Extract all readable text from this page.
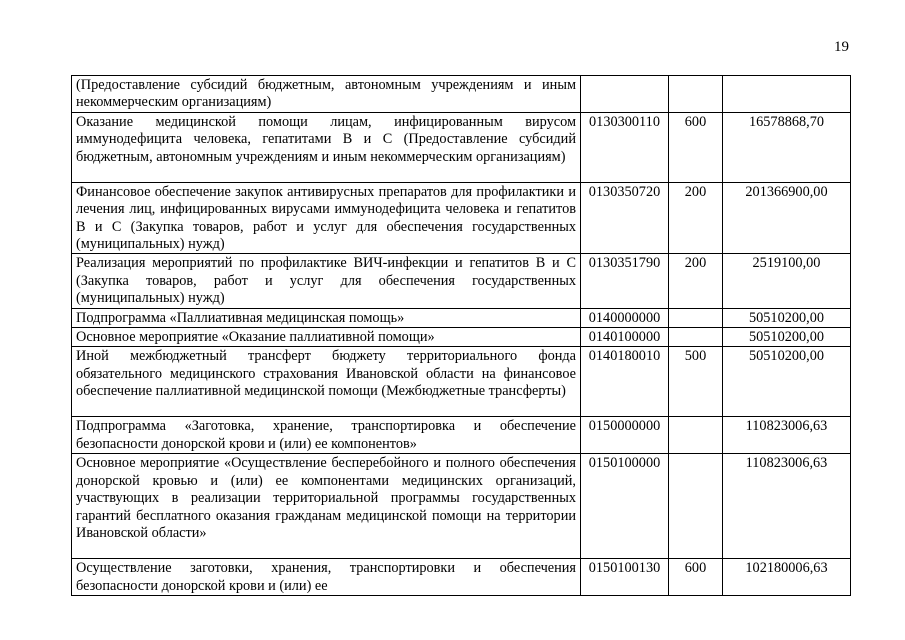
19
(Предоставление субсидий бюджетным, автономным учреждениям и иным некоммерческим организациям)			
Оказание медицинской помощи лицам, инфицированным вирусом иммунодефицита человека, гепатитами В и С (Предоставление субсидий бюджетным, автономным учреждениям и иным некоммерческим организациям)	0130300110	600	16578868,70
Финансовое обеспечение закупок антивирусных препаратов для профилактики и лечения лиц, инфицированных вирусами иммунодефицита человека и гепатитов В и С (Закупка товаров, работ и услуг для обеспечения государственных (муниципальных) нужд)	0130350720	200	201366900,00
Реализация мероприятий по профилактике ВИЧ-инфекции и гепатитов В и С (Закупка товаров, работ и услуг для обеспечения государственных (муниципальных) нужд)	0130351790	200	2519100,00
Подпрограмма «Паллиативная медицинская помощь»	0140000000		50510200,00
Основное мероприятие «Оказание паллиативной помощи»	0140100000		50510200,00
Иной межбюджетный трансферт бюджету территориального фонда обязательного медицинского страхования Ивановской области на финансовое обеспечение паллиативной медицинской помощи (Межбюджетные трансферты)	0140180010	500	50510200,00
Подпрограмма «Заготовка, хранение, транспортировка и обеспечение безопасности донорской крови и (или) ее компонентов»	0150000000		110823006,63
Основное мероприятие «Осуществление бесперебойного и полного обеспечения донорской кровью и (или) ее компонентами медицинских организаций, участвующих в реализации территориальной программы государственных гарантий бесплатного оказания гражданам медицинской помощи на территории Ивановской области»	0150100000		110823006,63
Осуществление заготовки, хранения, транспортировки и обеспечения безопасности донорской крови и (или) ее	0150100130	600	102180006,63
